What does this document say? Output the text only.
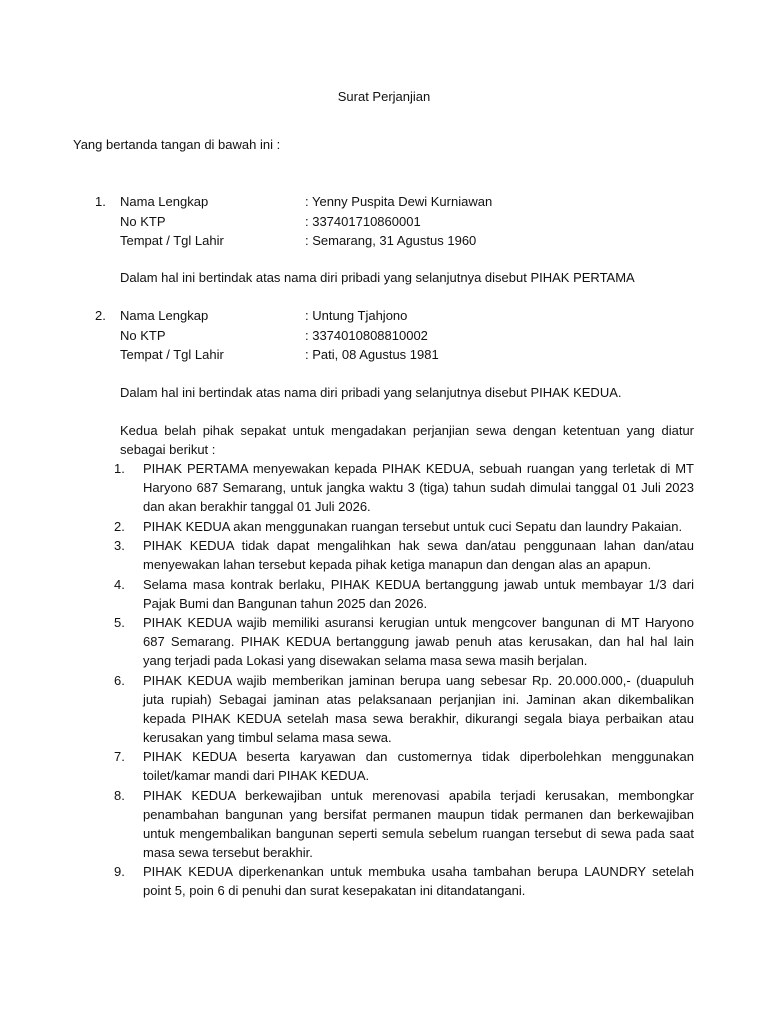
Surat Perjanjian
Yang bertanda tangan di bawah ini :
1.	Nama Lengkap	: Yenny Puspita Dewi Kurniawan
No KTP	: 337401710860001
Tempat / Tgl Lahir	: Semarang, 31 Agustus 1960
Dalam hal ini bertindak atas nama diri pribadi yang selanjutnya disebut PIHAK PERTAMA
2.	Nama Lengkap	: Untung Tjahjono
No KTP	: 3374010808810002
Tempat / Tgl Lahir	: Pati, 08 Agustus 1981
Dalam hal ini bertindak atas nama diri pribadi yang selanjutnya disebut PIHAK KEDUA.
Kedua belah pihak sepakat untuk mengadakan perjanjian sewa dengan ketentuan yang diatur sebagai berikut :
1.	PIHAK PERTAMA menyewakan kepada PIHAK KEDUA, sebuah ruangan yang terletak di MT Haryono 687 Semarang, untuk jangka waktu 3 (tiga) tahun sudah dimulai tanggal 01 Juli 2023 dan akan berakhir tanggal 01 Juli 2026.
2.	PIHAK KEDUA akan menggunakan ruangan tersebut untuk cuci Sepatu dan laundry Pakaian.
3.	PIHAK KEDUA tidak dapat mengalihkan hak sewa dan/atau penggunaan lahan dan/atau menyewakan lahan tersebut kepada pihak ketiga manapun dan dengan alas an apapun.
4.	Selama masa kontrak berlaku, PIHAK KEDUA bertanggung jawab untuk membayar 1/3 dari Pajak Bumi dan Bangunan tahun 2025 dan 2026.
5.	PIHAK KEDUA wajib memiliki asuransi kerugian untuk mengcover bangunan di MT Haryono 687 Semarang. PIHAK KEDUA bertanggung jawab penuh atas kerusakan, dan hal hal lain yang terjadi pada Lokasi yang disewakan selama masa sewa masih berjalan.
6.	PIHAK KEDUA wajib memberikan jaminan berupa uang sebesar Rp. 20.000.000,- (duapuluh juta rupiah) Sebagai jaminan atas pelaksanaan perjanjian ini. Jaminan akan dikembalikan kepada PIHAK KEDUA setelah masa sewa berakhir, dikurangi segala biaya perbaikan atau kerusakan yang timbul selama masa sewa.
7.	PIHAK KEDUA beserta karyawan dan customernya tidak diperbolehkan menggunakan toilet/kamar mandi dari PIHAK KEDUA.
8.	PIHAK KEDUA berkewajiban untuk merenovasi apabila terjadi kerusakan, membongkar penambahan bangunan yang bersifat permanen maupun tidak permanen dan berkewajiban untuk mengembalikan bangunan seperti semula sebelum ruangan tersebut di sewa pada saat masa sewa tersebut berakhir.
9.	PIHAK KEDUA diperkenankan untuk membuka usaha tambahan berupa LAUNDRY setelah point 5, poin 6 di penuhi dan surat kesepakatan ini ditandatangani.
